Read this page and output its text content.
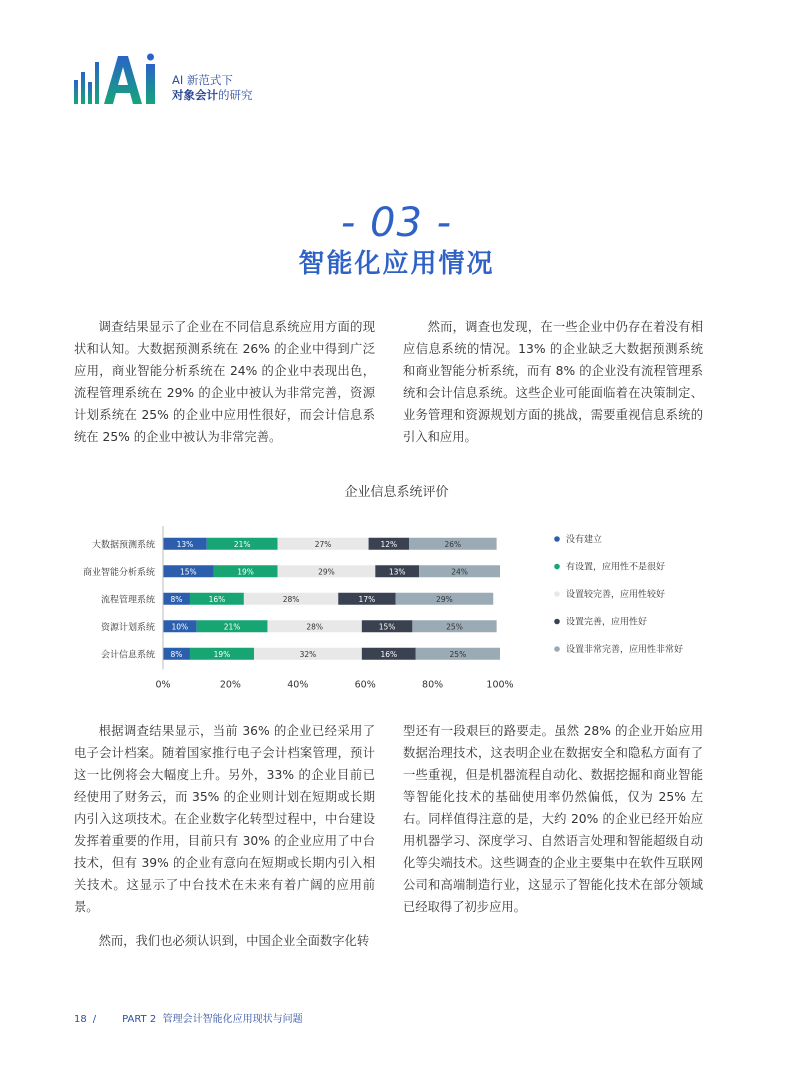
AI 新范式下
对象会计的研究
- 03 -
智能化应用情况

调查结果显示了企业在不同信息系统应用方面的现状和认知。大数据预测系统在 26% 的企业中得到广泛应用，商业智能分析系统在 24% 的企业中表现出色，流程管理系统在 29% 的企业中被认为非常完善，资源计划系统在 25% 的企业中应用性很好，而会计信息系统在 25% 的企业中被认为非常完善。

然而，调查也发现，在一些企业中仍存在着没有相应信息系统的情况。13% 的企业缺乏大数据预测系统和商业智能分析系统，而有 8% 的企业没有流程管理系统和会计信息系统。这些企业可能面临着在决策制定、业务管理和资源规划方面的挑战，需要重视信息系统的引入和应用。

企业信息系统评价
大数据预测系统	13%	21%	27%	12%	26%
商业智能分析系统	15%	19%	29%	13%	24%
流程管理系统 8%	16%	28%	17%	29%
资源计划系统 10%	21%	28%	15%	25%
会计信息系统 8%	19%	32%	16%	25%
0%	20%	40%	60%	80%	100%
没有建立
有设置，应用性不是很好
设置较完善，应用性较好
设置完善，应用性好
设置非常完善，应用性非常好

根据调查结果显示，当前 36% 的企业已经采用了电子会计档案。随着国家推行电子会计档案管理，预计这一比例将会大幅度上升。另外，33% 的企业目前已经使用了财务云，而 35% 的企业则计划在短期或长期内引入这项技术。在企业数字化转型过程中，中台建设发挥着重要的作用，目前只有 30% 的企业应用了中台技术，但有 39% 的企业有意向在短期或长期内引入相关技术。这显示了中台技术在未来有着广阔的应用前景。

然而，我们也必须认识到，中国企业全面数字化转

型还有一段艰巨的路要走。虽然 28% 的企业开始应用数据治理技术，这表明企业在数据安全和隐私方面有了一些重视，但是机器流程自动化、数据挖掘和商业智能等智能化技术的基础使用率仍然偏低，仅为 25% 左右。同样值得注意的是，大约 20% 的企业已经开始应用机器学习、深度学习、自然语言处理和智能超级自动化等尖端技术。这些调查的企业主要集中在软件互联网公司和高端制造行业，这显示了智能化技术在部分领域已经取得了初步应用。

18 /	PART 2 管理会计智能化应用现状与问题
